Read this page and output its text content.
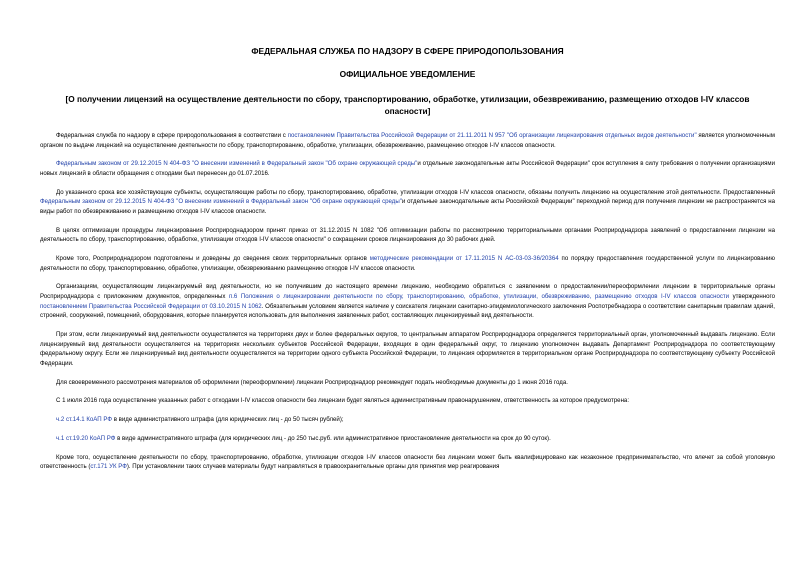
ФЕДЕРАЛЬНАЯ СЛУЖБА ПО НАДЗОРУ В СФЕРЕ ПРИРОДОПОЛЬЗОВАНИЯ
ОФИЦИАЛЬНОЕ УВЕДОМЛЕНИЕ
[О получении лицензий на осуществление деятельности по сбору, транспортированию, обработке, утилизации, обезвреживанию, размещению отходов I-IV классов опасности]

Федеральная служба по надзору в сфере природопользования в соответствии с постановлением Правительства Российской Федерации от 21.11.2011 N 957 "Об организации лицензирования отдельных видов деятельности" является уполномоченным органом по выдаче лицензий на осуществление деятельности по сбору, транспортированию, обработке, утилизации, обезвреживанию, размещению отходов I-IV классов опасности.

Федеральным законом от 29.12.2015 N 404-ФЗ "О внесении изменений в Федеральный закон "Об охране окружающей среды"и отдельные законодательные акты Российской Федерации" срок вступления в силу требования о получении организациями новых лицензий в области обращения с отходами был перенесен до 01.07.2016.

До указанного срока все хозяйствующие субъекты, осуществляющие работы по сбору, транспортированию, обработке, утилизации отходов I-IV классов опасности, обязаны получить лицензию на осуществление этой деятельности. Предоставленный Федеральным законом от 29.12.2015 N 404-ФЗ "О внесении изменений в Федеральный закон "Об охране окружающей среды"и отдельные законодательные акты Российской Федерации" переходной период для получения лицензии не распространяется на виды работ по обезвреживанию и размещению отходов I-IV классов опасности.

В целях оптимизации процедуры лицензирования Росприроднадзором принят приказ от 31.12.2015 N 1082 "Об оптимизации работы по рассмотрению территориальными органами Росприроднадзора заявлений о предоставлении лицензии на деятельность по сбору, транспортированию, обработке, утилизации отходов I-IV классов опасности" о сокращении сроков лицензирования до 30 рабочих дней.

Кроме того, Росприроднадзором подготовлены и доведены до сведения своих территориальных органов методические рекомендации от 17.11.2015 N АС-03-03-36/20364 по порядку предоставления государственной услуги по лицензированию деятельности по сбору, транспортированию, обработке, утилизации, обезвреживанию размещению отходов I-IV классов опасности.

Организациям, осуществляющим лицензируемый вид деятельности, но не получившим до настоящего времени лицензию, необходимо обратиться с заявлением о предоставлении/переоформлении лицензии в территориальные органы Росприроднадзора с приложением документов, определенных п.6 Положения о лицензировании деятельности по сбору, транспортированию, обработке, утилизации, обезвреживанию, размещению отходов I-IV классов опасности утвержденного постановлением Правительства Российской Федерации от 03.10.2015 N 1062. Обязательным условием является наличие у соискателя лицензии санитарно-эпидемиологического заключения Роспотребнадзора о соответствии санитарным правилам зданий, строений, сооружений, помещений, оборудования, которые планируется использовать для выполнения заявленных работ, составляющих лицензируемый вид деятельности.

При этом, если лицензируемый вид деятельности осуществляется на территориях двух и более федеральных округов, то центральным аппаратом Росприроднадзора определяется территориальный орган, уполномоченный выдавать лицензию. Если лицензируемый вид деятельности осуществляется на территориях нескольких субъектов Российской Федерации, входящих в один федеральный округ, то лицензию уполномочен выдавать Департамент Росприроднадзора по соответствующему федеральному округу. Если же лицензируемый вид деятельности осуществляется на территории одного субъекта Российской Федерации, то лицензия оформляется в территориальном органе Росприроднадзора по соответствующему субъекту Российской Федерации.

Для своевременного рассмотрения материалов об оформлении (переоформлении) лицензии Росприроднадзор рекомендует подать необходимые документы до 1 июня 2016 года.

С 1 июля 2016 года осуществление указанных работ с отходами I-IV классов опасности без лицензии будет являться административным правонарушением, ответственность за которое предусмотрена:

ч.2 ст.14.1 КоАП РФ в виде административного штрафа (для юридических лиц - до 50 тысяч рублей);

ч.1 ст.19.20 КоАП РФ в виде административного штрафа (для юридических лиц - до 250 тыс.руб. или административное приостановление деятельности на срок до 90 суток).

Кроме того, осуществление деятельности по сбору, транспортированию, обработке, утилизации отходов I-IV классов опасности без лицензии может быть квалифицировано как незаконное предпринимательство, что влечет за собой уголовную ответственность (ст.171 УК РФ). При установлении таких случаев материалы будут направляться в правоохранительные органы для принятия мер реагирования
